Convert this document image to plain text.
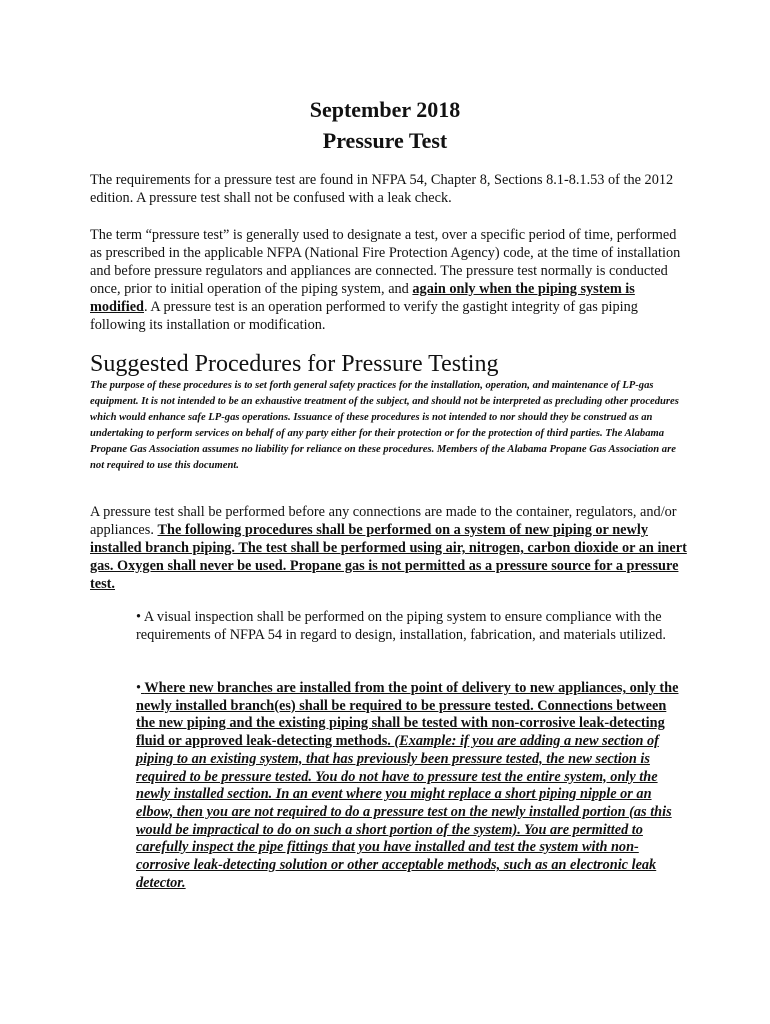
September 2018
Pressure Test
The requirements for a pressure test are found in NFPA 54, Chapter 8, Sections 8.1-8.1.53 of the 2012 edition. A pressure test shall not be confused with a leak check.
The term “pressure test” is generally used to designate a test, over a specific period of time, performed as prescribed in the applicable NFPA (National Fire Protection Agency) code, at the time of installation and before pressure regulators and appliances are connected. The pressure test normally is conducted once, prior to initial operation of the piping system, and again only when the piping system is modified. A pressure test is an operation performed to verify the gastight integrity of gas piping following its installation or modification.
Suggested Procedures for Pressure Testing
The purpose of these procedures is to set forth general safety practices for the installation, operation, and maintenance of LP-gas equipment. It is not intended to be an exhaustive treatment of the subject, and should not be interpreted as precluding other procedures which would enhance safe LP-gas operations. Issuance of these procedures is not intended to nor should they be construed as an undertaking to perform services on behalf of any party either for their protection or for the protection of third parties. The Alabama Propane Gas Association assumes no liability for reliance on these procedures. Members of the Alabama Propane Gas Association are not required to use this document.
A pressure test shall be performed before any connections are made to the container, regulators, and/or appliances. The following procedures shall be performed on a system of new piping or newly installed branch piping. The test shall be performed using air, nitrogen, carbon dioxide or an inert gas. Oxygen shall never be used. Propane gas is not permitted as a pressure source for a pressure test.
• A visual inspection shall be performed on the piping system to ensure compliance with the requirements of NFPA 54 in regard to design, installation, fabrication, and materials utilized.
• Where new branches are installed from the point of delivery to new appliances, only the newly installed branch(es) shall be required to be pressure tested. Connections between the new piping and the existing piping shall be tested with non-corrosive leak-detecting fluid or approved leak-detecting methods. (Example: if you are adding a new section of piping to an existing system, that has previously been pressure tested, the new section is required to be pressure tested. You do not have to pressure test the entire system, only the newly installed section. In an event where you might replace a short piping nipple or an elbow, then you are not required to do a pressure test on the newly installed portion (as this would be impractical to do on such a short portion of the system). You are permitted to carefully inspect the pipe fittings that you have installed and test the system with non-corrosive leak-detecting solution or other acceptable methods, such as an electronic leak detector.
